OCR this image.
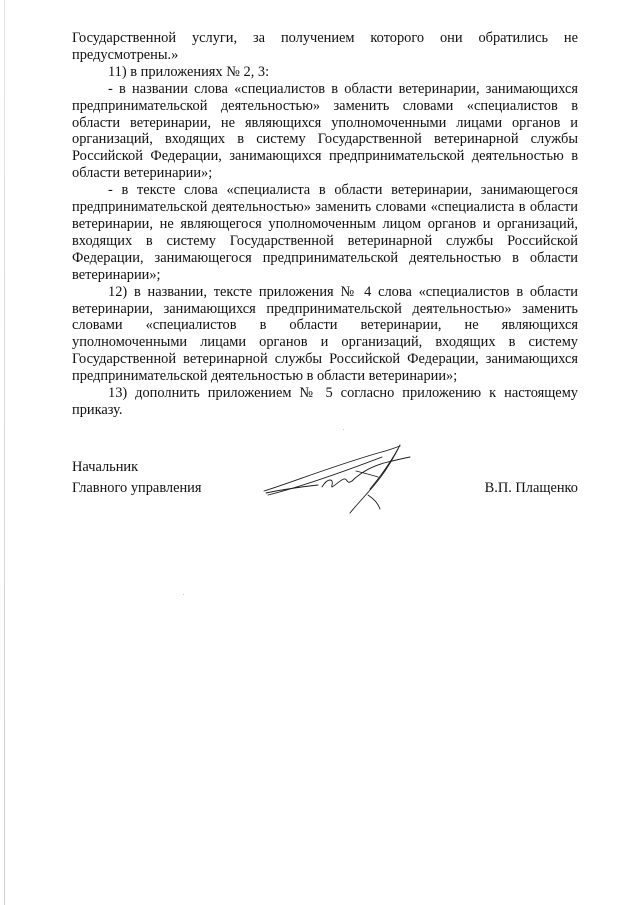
Государственной услуги, за получением которого они обратились не предусмотрены.»

11) в приложениях № 2, 3:

- в названии слова «специалистов в области ветеринарии, занимающихся предпринимательской деятельностью» заменить словами «специалистов в области ветеринарии, не являющихся уполномоченными лицами органов и организаций, входящих в систему Государственной ветеринарной службы Российской Федерации, занимающихся предпринимательской деятельностью в области ветеринарии»;

- в тексте слова «специалиста в области ветеринарии, занимающегося предпринимательской деятельностью» заменить словами «специалиста в области ветеринарии, не являющегося уполномоченным лицом органов и организаций, входящих в систему Государственной ветеринарной службы Российской Федерации, занимающегося предпринимательской деятельностью в области ветеринарии»;

12) в названии, тексте приложения № 4 слова «специалистов в области ветеринарии, занимающихся предпринимательской деятельностью» заменить словами «специалистов в области ветеринарии, не являющихся уполномоченными лицами органов и организаций, входящих в систему Государственной ветеринарной службы Российской Федерации, занимающихся предпринимательской деятельностью в области ветеринарии»;

13) дополнить приложением № 5 согласно приложению к настоящему приказу.

Начальник
Главного управления	В.П. Плащенко
